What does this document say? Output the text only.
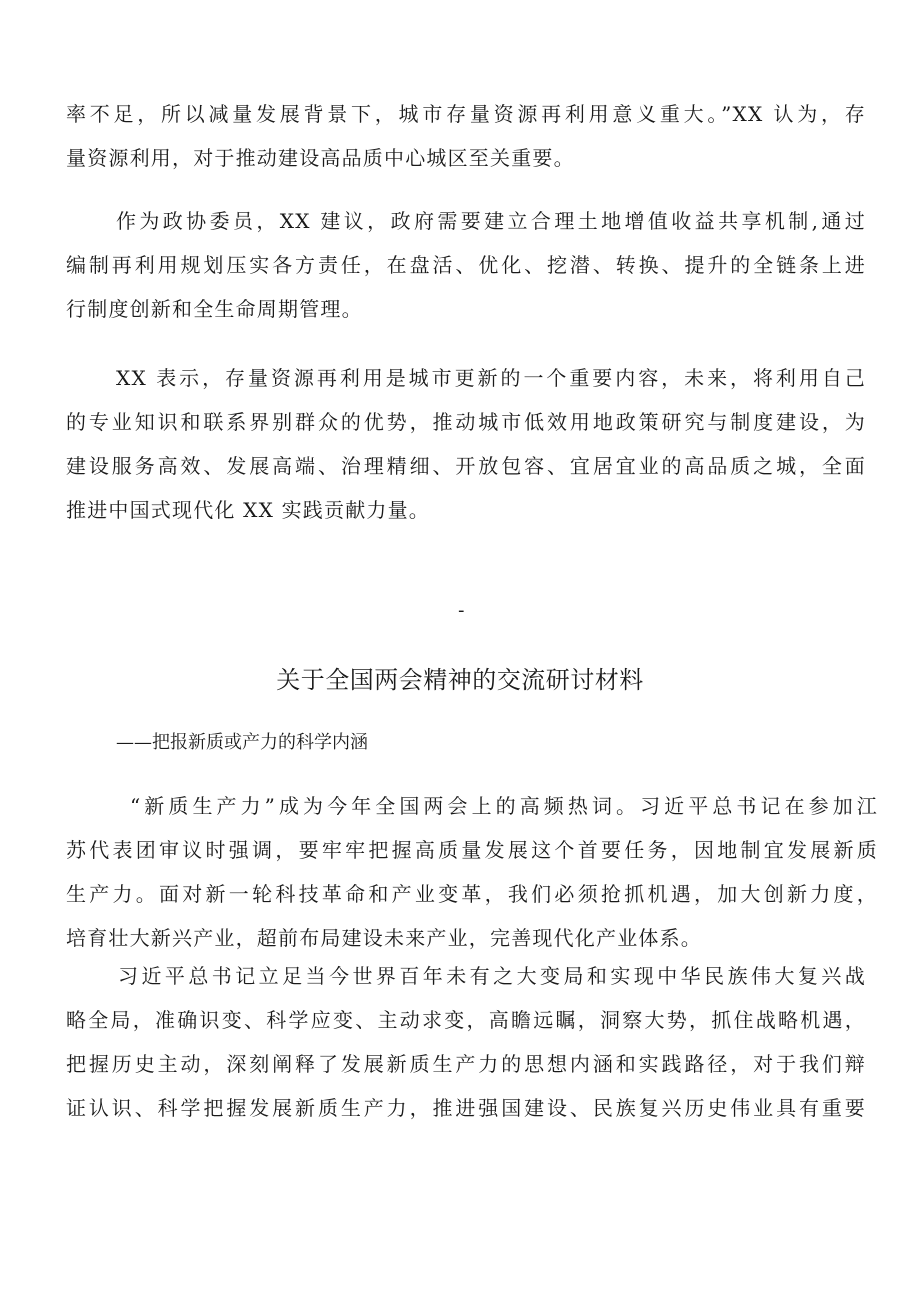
率不足，所以减量发展背景下，城市存量资源再利用意义重大。”XX 认为，存
量资源利用，对于推动建设高品质中心城区至关重要。
作为政协委员，XX 建议，政府需要建立合理土地增值收益共享机制,通过
编制再利用规划压实各方责任，在盘活、优化、挖潜、转换、提升的全链条上进
行制度创新和全生命周期管理。
XX 表示，存量资源再利用是城市更新的一个重要内容，未来，将利用自己
的专业知识和联系界别群众的优势，推动城市低效用地政策研究与制度建设，为
建设服务高效、发展高端、治理精细、开放包容、宜居宜业的高品质之城，全面
推进中国式现代化 XX 实践贡献力量。
-
关于全国两会精神的交流研讨材料
——把报新质或产力的科学内涵
“新质生产力”成为今年全国两会上的高频热词。习近平总书记在参加江
苏代表团审议时强调，要牢牢把握高质量发展这个首要任务，因地制宜发展新质
生产力。面对新一轮科技革命和产业变革，我们必须抢抓机遇，加大创新力度，
培育壮大新兴产业，超前布局建设未来产业，完善现代化产业体系。
习近平总书记立足当今世界百年未有之大变局和实现中华民族伟大复兴战
略全局，准确识变、科学应变、主动求变，高瞻远瞩，洞察大势，抓住战略机遇，
把握历史主动，深刻阐释了发展新质生产力的思想内涵和实践路径，对于我们辩
证认识、科学把握发展新质生产力，推进强国建设、民族复兴历史伟业具有重要
